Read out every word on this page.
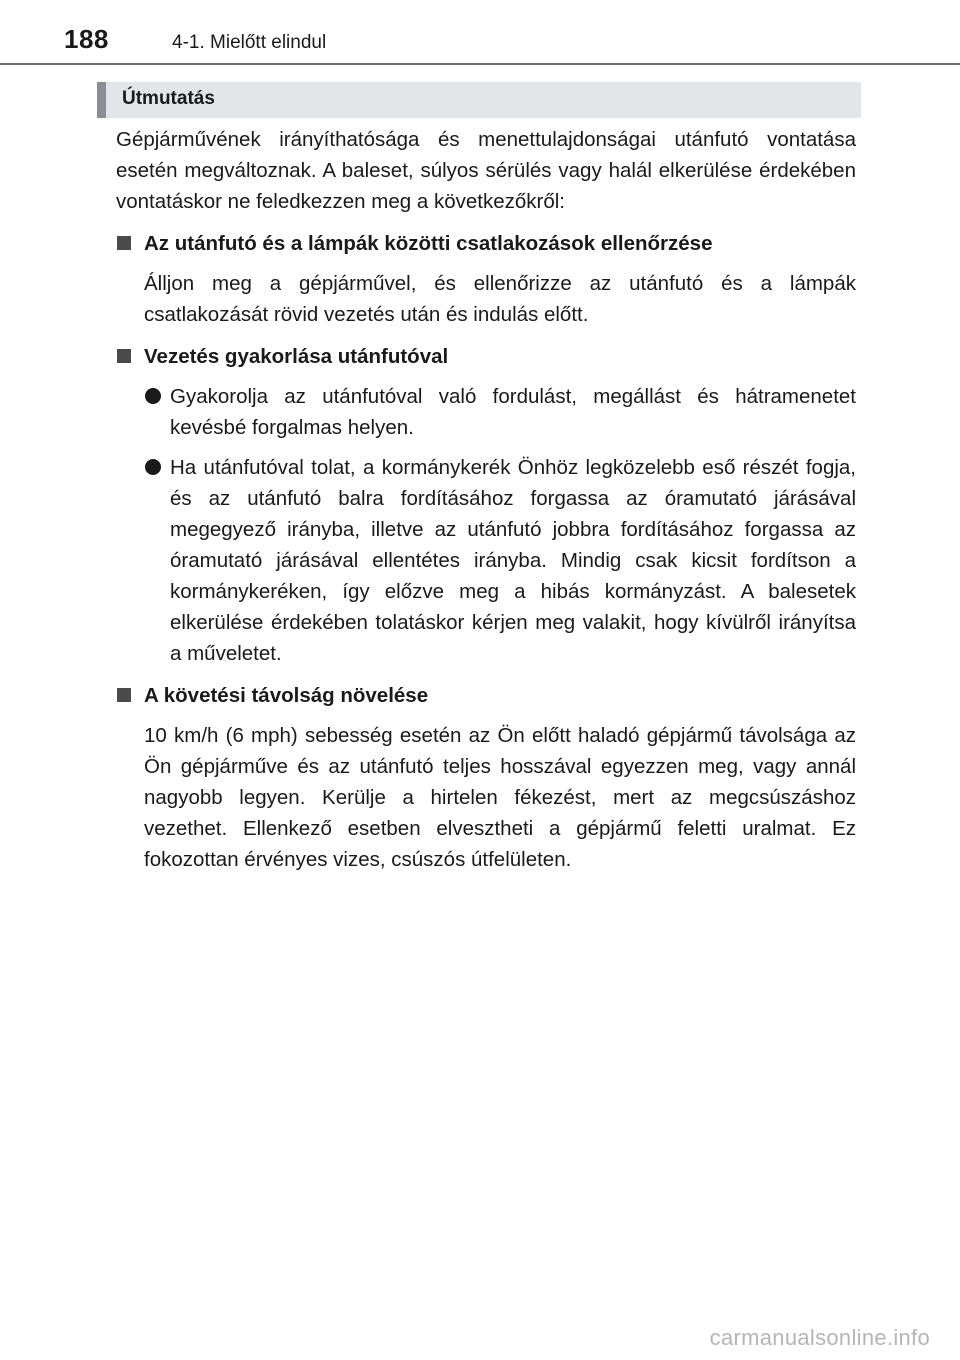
188	4-1. Mielőtt elindul
Útmutatás

Gépjárművének irányíthatósága és menettulajdonságai utánfutó vontatása esetén megváltoznak. A baleset, súlyos sérülés vagy halál elkerülése érdekében vontatáskor ne feledkezzen meg a következőkről:

Az utánfutó és a lámpák közötti csatlakozások ellenőrzése

Álljon meg a gépjárművel, és ellenőrizze az utánfutó és a lámpák csatlakozását rövid vezetés után és indulás előtt.

Vezetés gyakorlása utánfutóval
Gyakorolja az utánfutóval való fordulást, megállást és hátramenetet kevésbé forgalmas helyen.
Ha utánfutóval tolat, a kormánykerék Önhöz legközelebb eső részét fogja, és az utánfutó balra fordításához forgassa az óramutató járásával megegyező irányba, illetve az utánfutó jobbra fordításához forgassa az óramutató járásával ellentétes irányba. Mindig csak kicsit fordítson a kormánykeréken, így előzve meg a hibás kormányzást. A balesetek elkerülése érdekében tolatáskor kérjen meg valakit, hogy kívülről irányítsa a műveletet.
A követési távolság növelése

10 km/h (6 mph) sebesség esetén az Ön előtt haladó gépjármű távolsága az Ön gépjárműve és az utánfutó teljes hosszával egyezzen meg, vagy annál nagyobb legyen. Kerülje a hirtelen fékezést, mert az megcsúszáshoz vezethet. Ellenkező esetben elvesztheti a gépjármű feletti uralmat. Ez fokozottan érvényes vizes, csúszós útfelületen.

carmanualsonline.info
